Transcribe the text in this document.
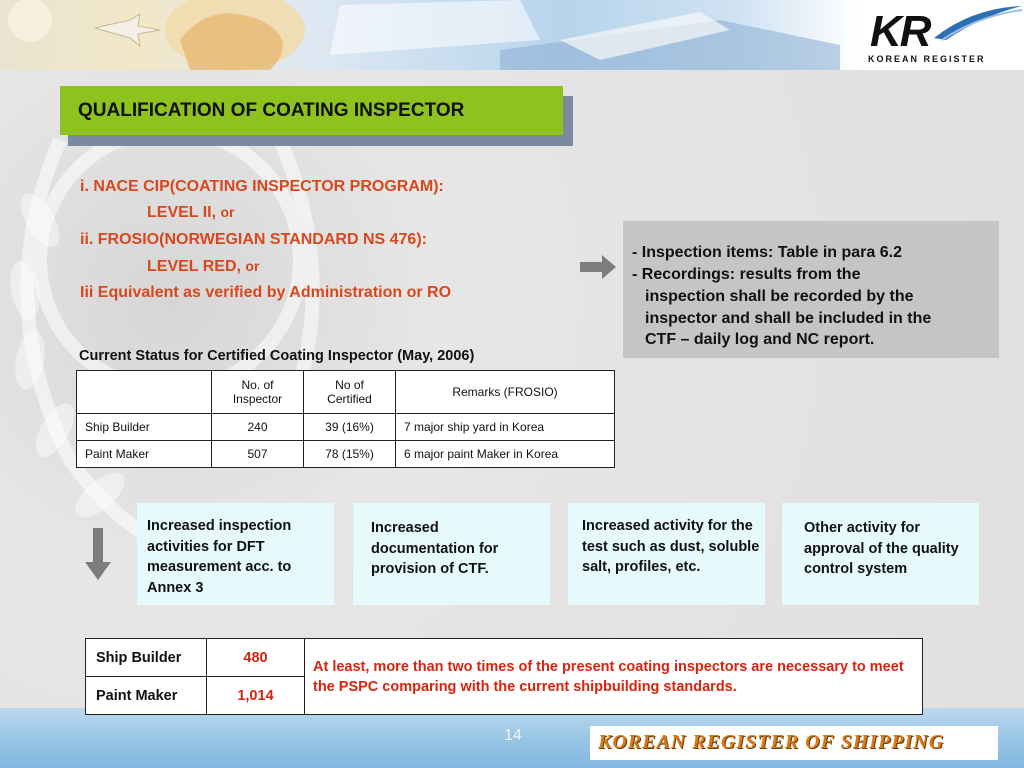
KR
KOREAN REGISTER
QUALIFICATION OF COATING INSPECTOR
i. NACE CIP(COATING INSPECTOR PROGRAM):
LEVEL II, or
ii. FROSIO(NORWEGIAN STANDARD NS 476):
LEVEL RED, or
Iii Equivalent as verified by Administration or RO
- Inspection items: Table in para 6.2
- Recordings: results from the
inspection shall be recorded by the
inspector and shall be included in the
CTF – daily log and NC report.
Current Status for Certified Coating Inspector (May, 2006)
	No. of Inspector	No of Certified	Remarks (FROSIO)
Ship Builder	240	39 (16%)	7 major ship yard in Korea
Paint Maker	507	78 (15%)	6 major paint Maker in Korea
Increased inspection activities for DFT measurement acc. to Annex 3
Increased documentation for provision of CTF.
Increased activity for the test such as dust, soluble salt, profiles, etc.
Other activity for approval of the quality control system
Ship Builder	480	At least, more than two times of the present coating inspectors are necessary to meet the PSPC comparing with the current shipbuilding standards.
Paint Maker	1,014	
14	KOREAN REGISTER OF SHIPPING
